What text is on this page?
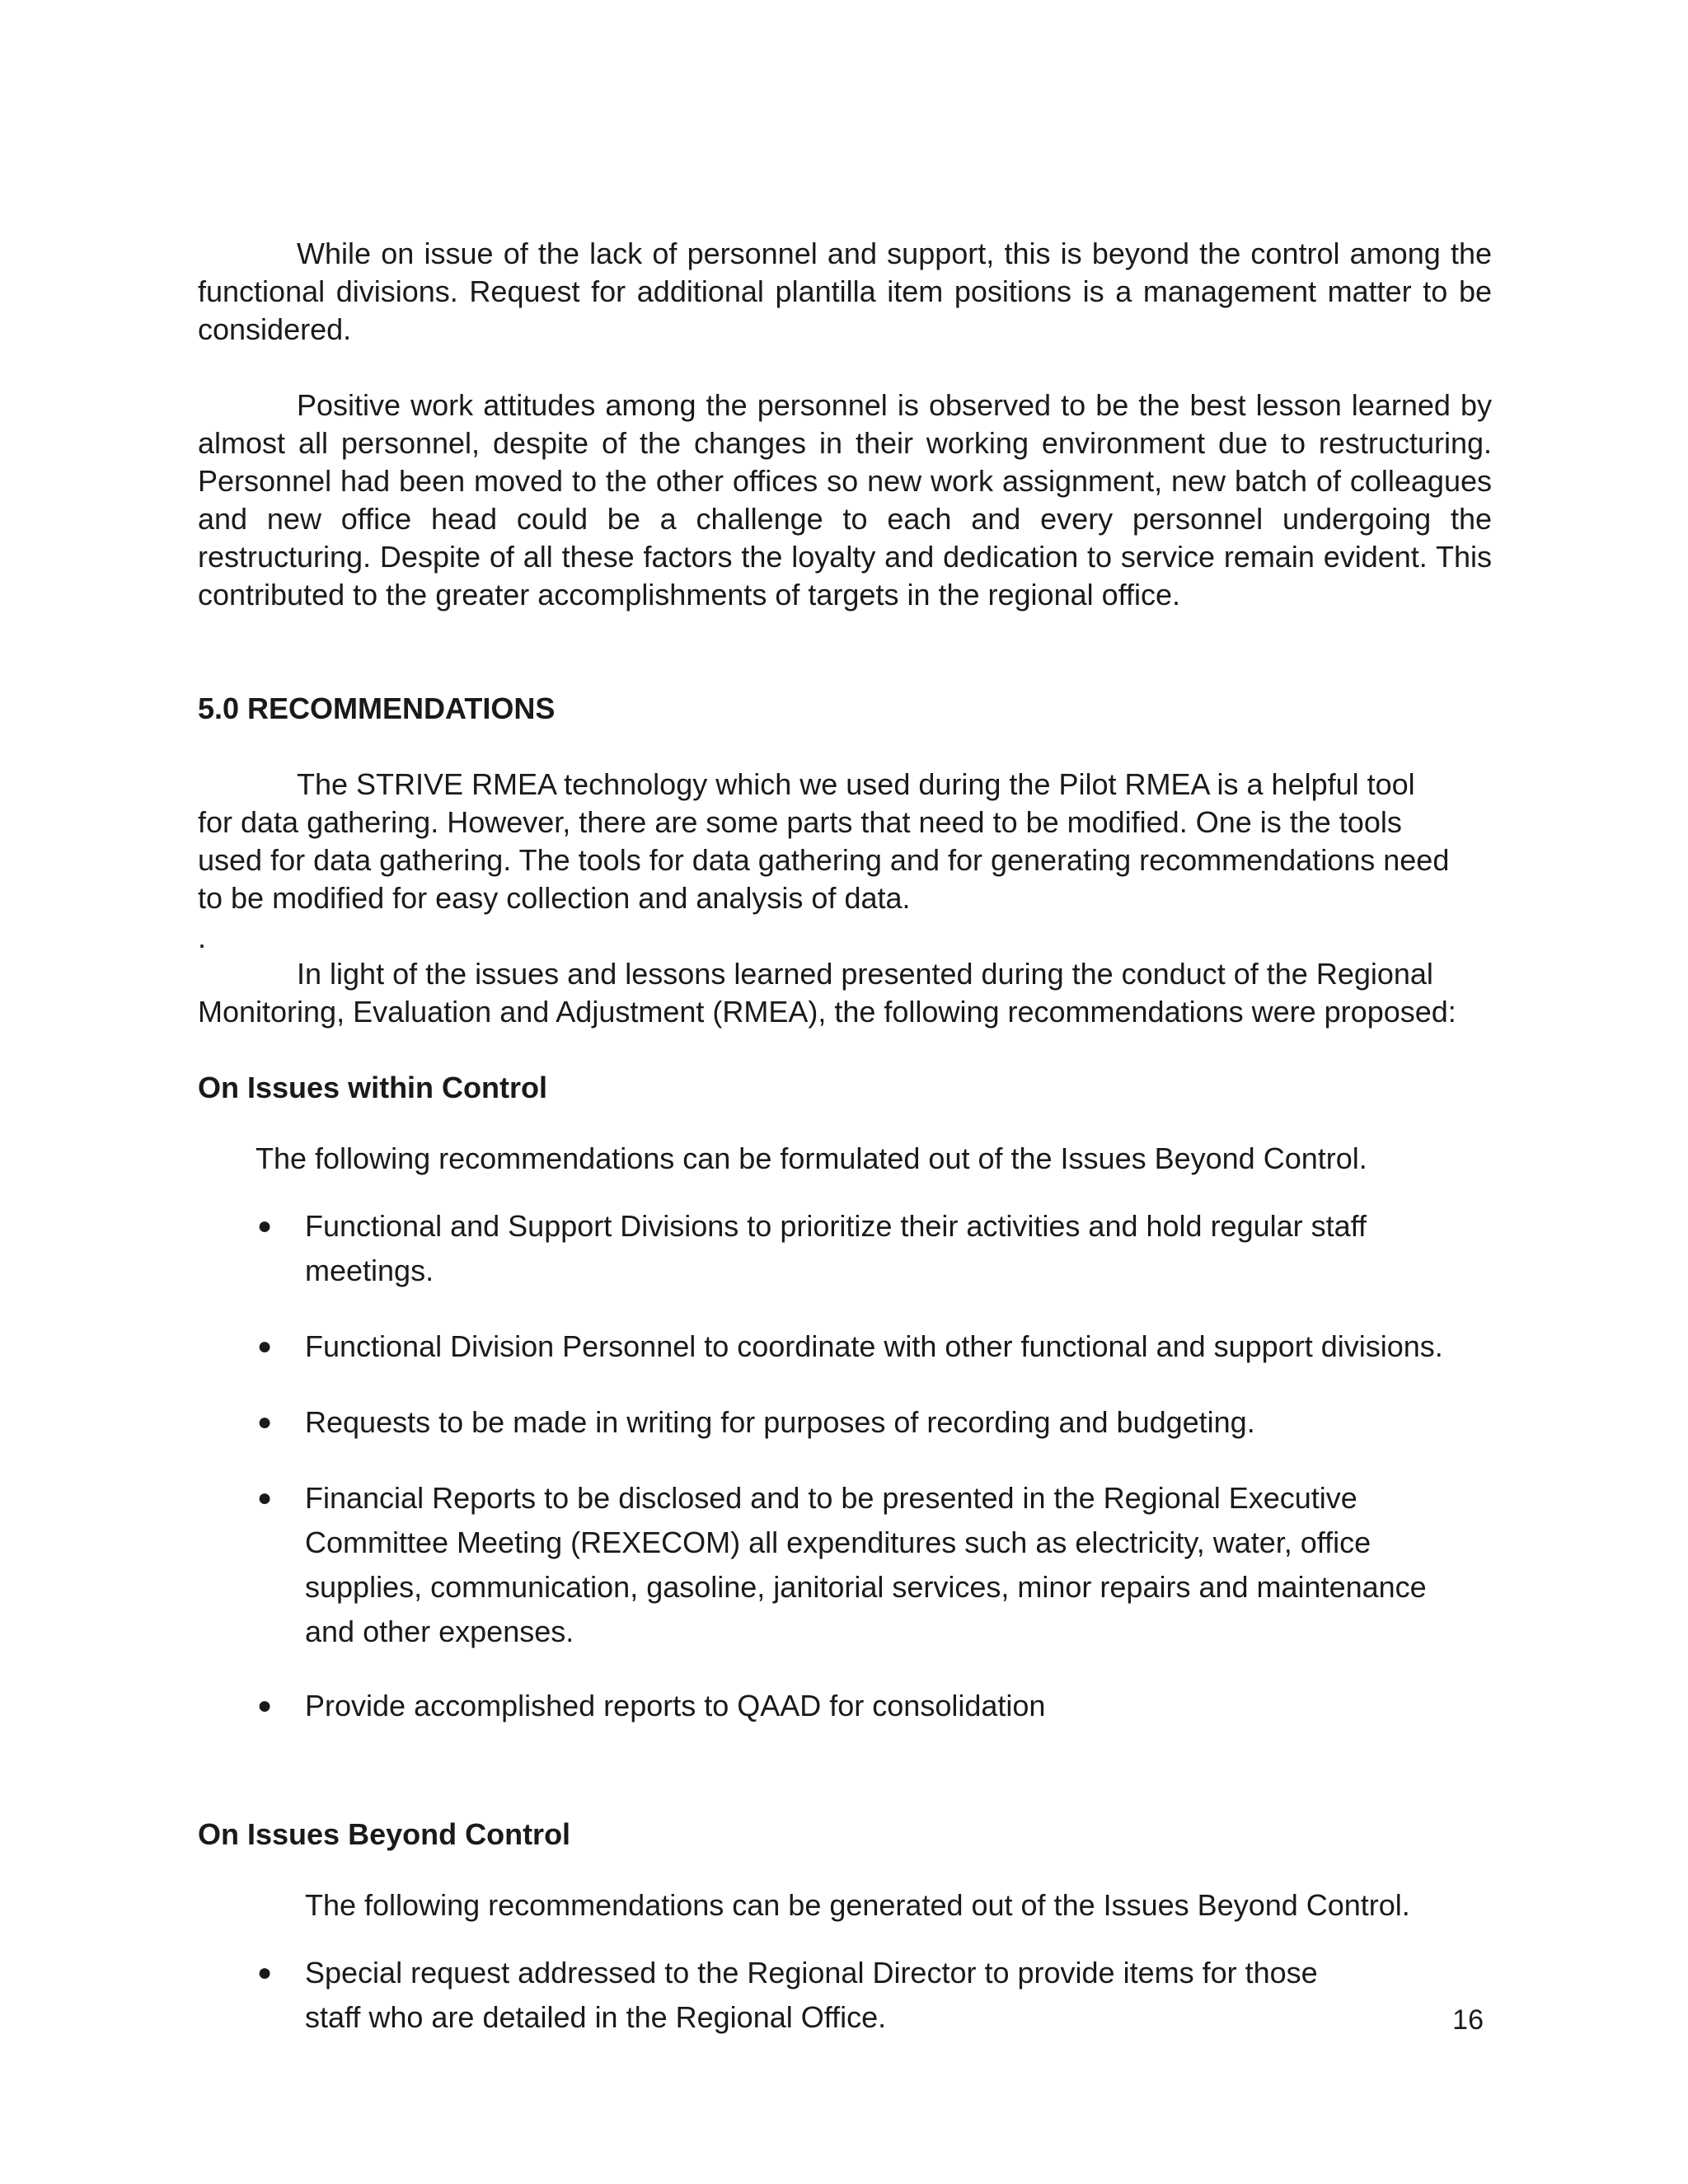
While on issue of the lack of personnel and support, this is beyond the control among the functional divisions. Request for additional plantilla item positions is a management matter to be considered.

Positive work attitudes among the personnel is observed to be the best lesson learned by almost all personnel, despite of the changes in their working environment due to restructuring. Personnel had been moved to the other offices so new work assignment, new batch of colleagues and new office head could be a challenge to each and every personnel undergoing the restructuring. Despite of all these factors the loyalty and dedication to service remain evident. This contributed to the greater accomplishments of targets in the regional office.

5.0 RECOMMENDATIONS

The STRIVE RMEA technology which we used during the Pilot RMEA is a helpful tool for data gathering. However, there are some parts that need to be modified. One is the tools used for data gathering. The tools for data gathering and for generating recommendations need to be modified for easy collection and analysis of data.

.

In light of the issues and lessons learned presented during the conduct of the Regional Monitoring, Evaluation and Adjustment (RMEA), the following recommendations were proposed:

On Issues within Control

The following recommendations can be formulated out of the Issues Beyond Control.

● Functional and Support Divisions to prioritize their activities and hold regular staff meetings.
● Functional Division Personnel to coordinate with other functional and support divisions.
● Requests to be made in writing for purposes of recording and budgeting.
● Financial Reports to be disclosed and to be presented in the Regional Executive Committee Meeting (REXECOM) all expenditures such as electricity, water, office supplies, communication, gasoline, janitorial services, minor repairs and maintenance and other expenses.
● Provide accomplished reports to QAAD for consolidation

On Issues Beyond Control

The following recommendations can be generated out of the Issues Beyond Control.

● Special request addressed to the Regional Director to provide items for those staff who are detailed in the Regional Office.	16
